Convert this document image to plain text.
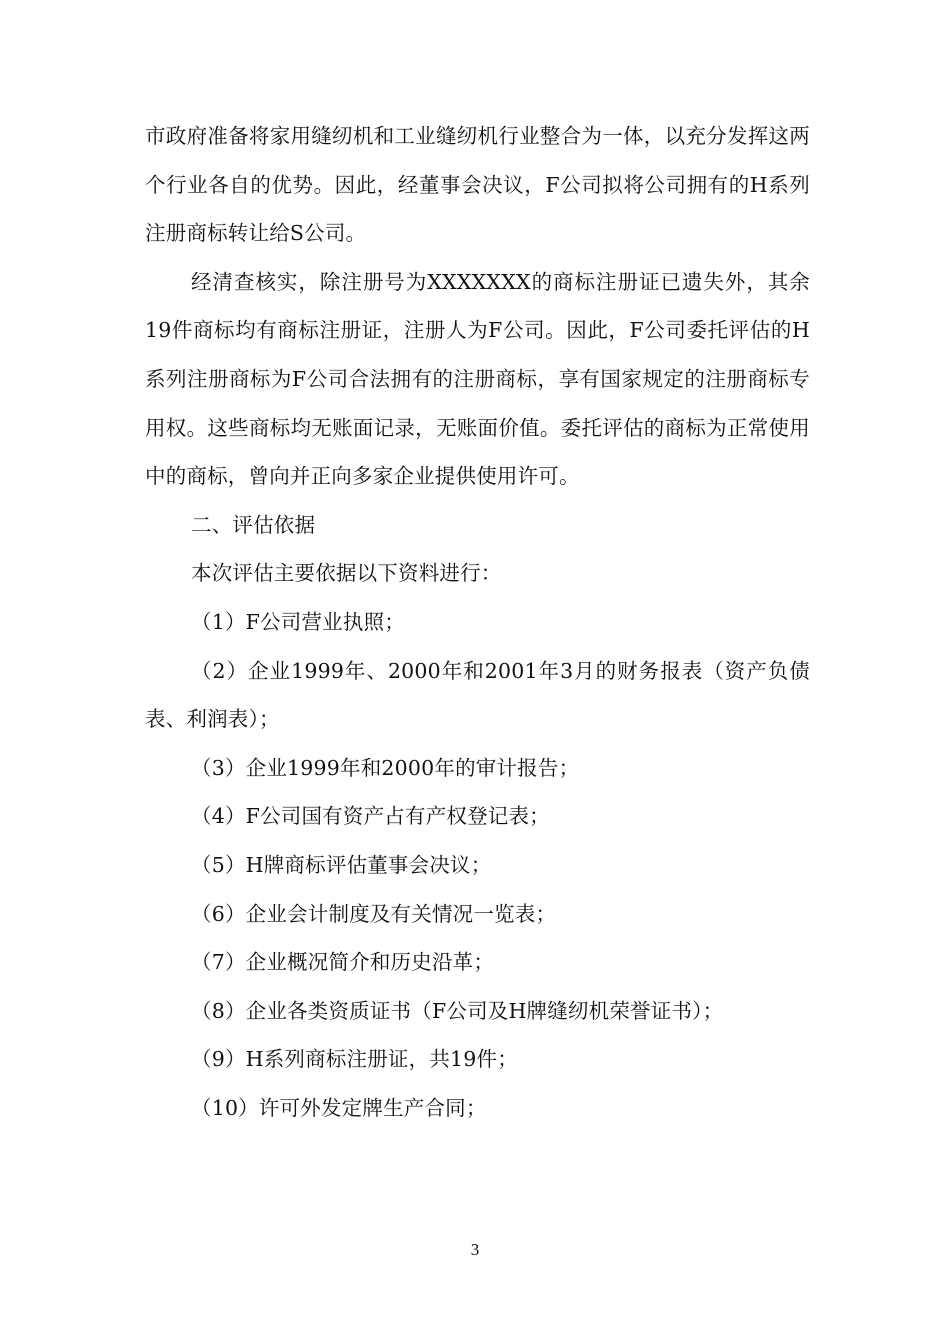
市政府准备将家用缝纫机和工业缝纫机行业整合为一体，以充分发挥这两个行业各自的优势。因此，经董事会决议，F公司拟将公司拥有的H系列注册商标转让给S公司。

经清查核实，除注册号为XXXXXXX的商标注册证已遗失外，其余19件商标均有商标注册证，注册人为F公司。因此，F公司委托评估的H系列注册商标为F公司合法拥有的注册商标，享有国家规定的注册商标专用权。这些商标均无账面记录，无账面价值。委托评估的商标为正常使用中的商标，曾向并正向多家企业提供使用许可。

二、评估依据

本次评估主要依据以下资料进行：

（1）F公司营业执照；

（2）企业1999年、2000年和2001年3月的财务报表（资产负债表、利润表）；

（3）企业1999年和2000年的审计报告；

（4）F公司国有资产占有产权登记表；

（5）H牌商标评估董事会决议；

（6）企业会计制度及有关情况一览表；

（7）企业概况简介和历史沿革；

（8）企业各类资质证书（F公司及H牌缝纫机荣誉证书）；

（9）H系列商标注册证，共19件；

（10）许可外发定牌生产合同；

3
